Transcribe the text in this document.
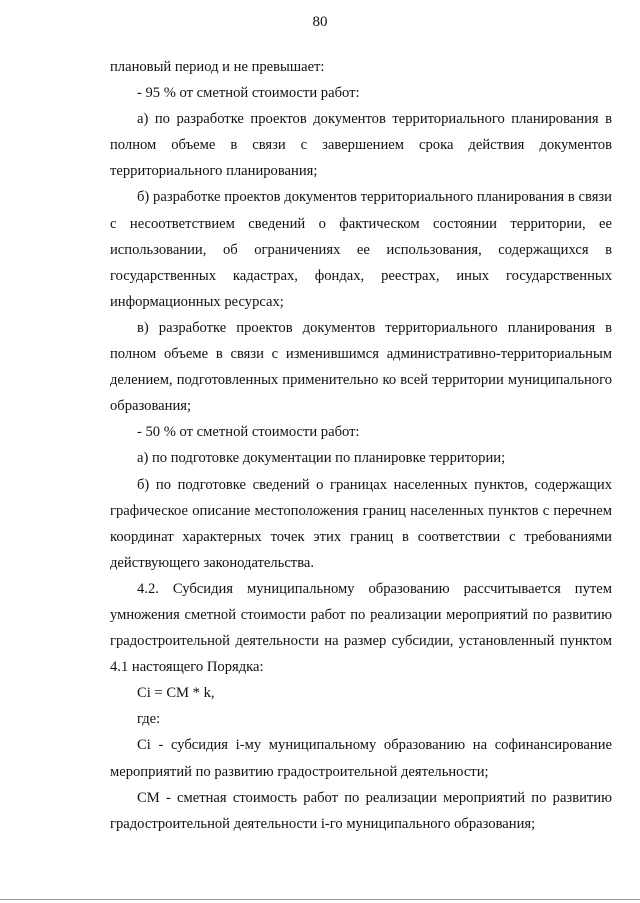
80

плановый период и не превышает:

- 95 % от сметной стоимости работ:

а) по разработке проектов документов территориального планирования в полном объеме в связи с завершением срока действия документов территориального планирования;

б) разработке проектов документов территориального планирования в связи с несоответствием сведений о фактическом состоянии территории, ее использовании, об ограничениях ее использования, содержащихся в государственных кадастрах, фондах, реестрах, иных государственных информационных ресурсах;

в) разработке проектов документов территориального планирования в полном объеме в связи с изменившимся административно-территориальным делением, подготовленных применительно ко всей территории муниципального образования;

- 50 % от сметной стоимости работ:

а) по подготовке документации по планировке территории;

б) по подготовке сведений о границах населенных пунктов, содержащих графическое описание местоположения границ населенных пунктов с перечнем координат характерных точек этих границ в соответствии с требованиями действующего законодательства.

4.2. Субсидия муниципальному образованию рассчитывается путем умножения сметной стоимости работ по реализации мероприятий по развитию градостроительной деятельности на размер субсидии, установленный пунктом 4.1 настоящего Порядка:

Ci = СМ * k,

где:

Ci - субсидия i-му муниципальному образованию на софинансирование мероприятий по развитию градостроительной деятельности;

СМ - сметная стоимость работ по реализации мероприятий по развитию градостроительной деятельности i-го муниципального образования;
